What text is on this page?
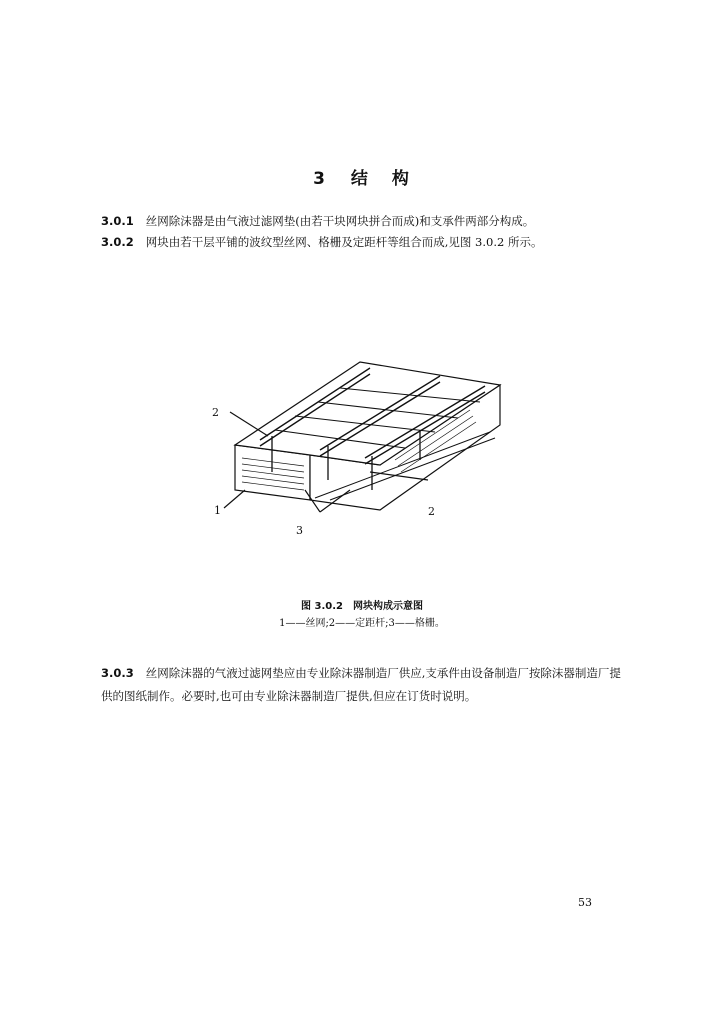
3 结 构
3.0.1 丝网除沫器是由气液过滤网垫(由若干块网块拼合而成)和支承件两部分构成。
3.0.2 网块由若干层平铺的波纹型丝网、格栅及定距杆等组合而成,见图 3.0.2 所示。
2
2
1
3
图 3.0.2 网块构成示意图
1——丝网;2——定距杆;3——格栅。
3.0.3 丝网除沫器的气液过滤网垫应由专业除沫器制造厂供应,支承件由设备制造厂按除沫器制造厂提供的图纸制作。必要时,也可由专业除沫器制造厂提供,但应在订货时说明。
53
